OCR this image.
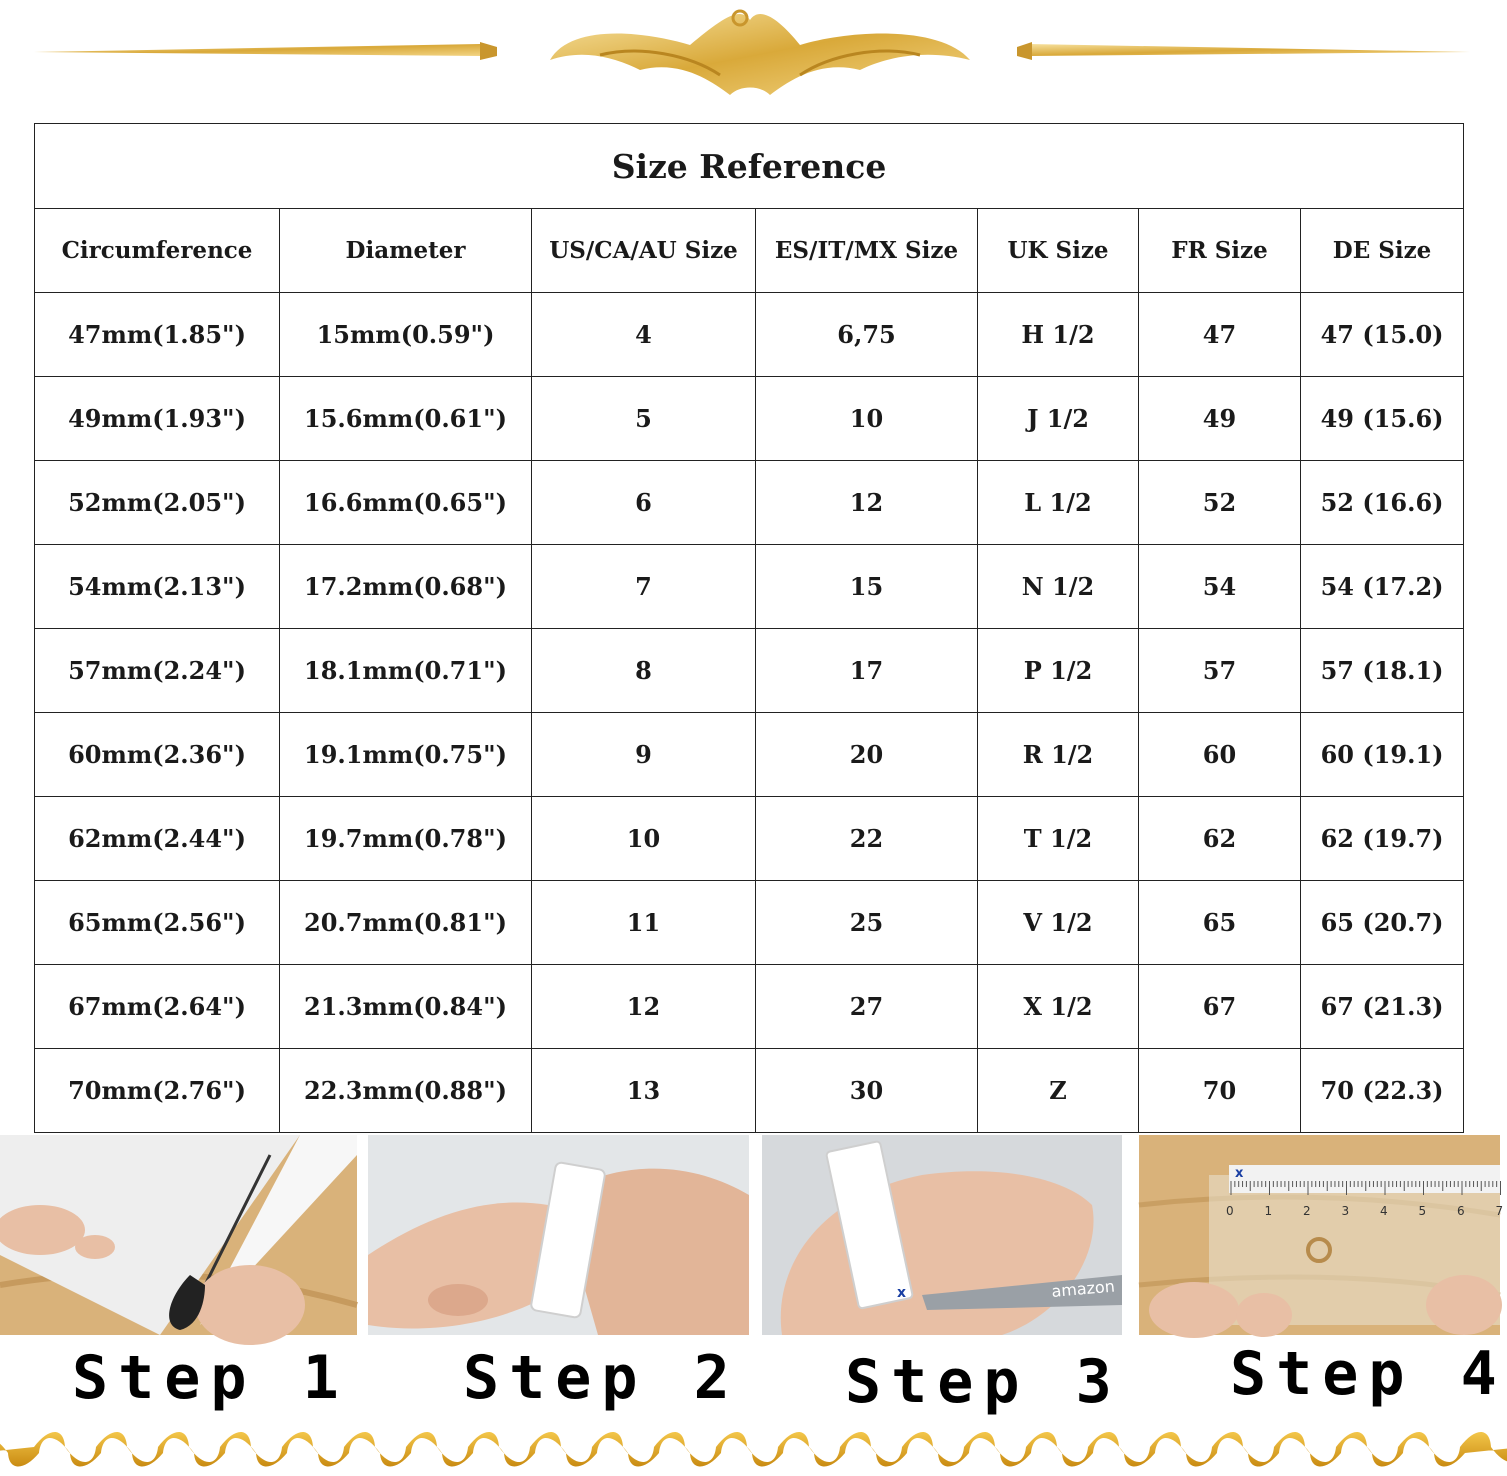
Size Reference						
Circumference	Diameter	US/CA/AU Size	ES/IT/MX Size	UK Size	FR Size	DE Size
47mm(1.85")	15mm(0.59")	4	6,75	H 1/2	47	47 (15.0)
49mm(1.93")	15.6mm(0.61")	5	10	J 1/2	49	49 (15.6)
52mm(2.05")	16.6mm(0.65")	6	12	L 1/2	52	52 (16.6)
54mm(2.13")	17.2mm(0.68")	7	15	N 1/2	54	54 (17.2)
57mm(2.24")	18.1mm(0.71")	8	17	P 1/2	57	57 (18.1)
60mm(2.36")	19.1mm(0.75")	9	20	R 1/2	60	60 (19.1)
62mm(2.44")	19.7mm(0.78")	10	22	T 1/2	62	62 (19.7)
65mm(2.56")	20.7mm(0.81")	11	25	V 1/2	65	65 (20.7)
67mm(2.64")	21.3mm(0.84")	12	27	X 1/2	67	67 (21.3)
70mm(2.76")	22.3mm(0.88")	13	30	Z	70	70 (22.3)
x	amazon
x
0	1	2	3	4	5	6	7
Step 1 Step 2 Step 3 Step 4
